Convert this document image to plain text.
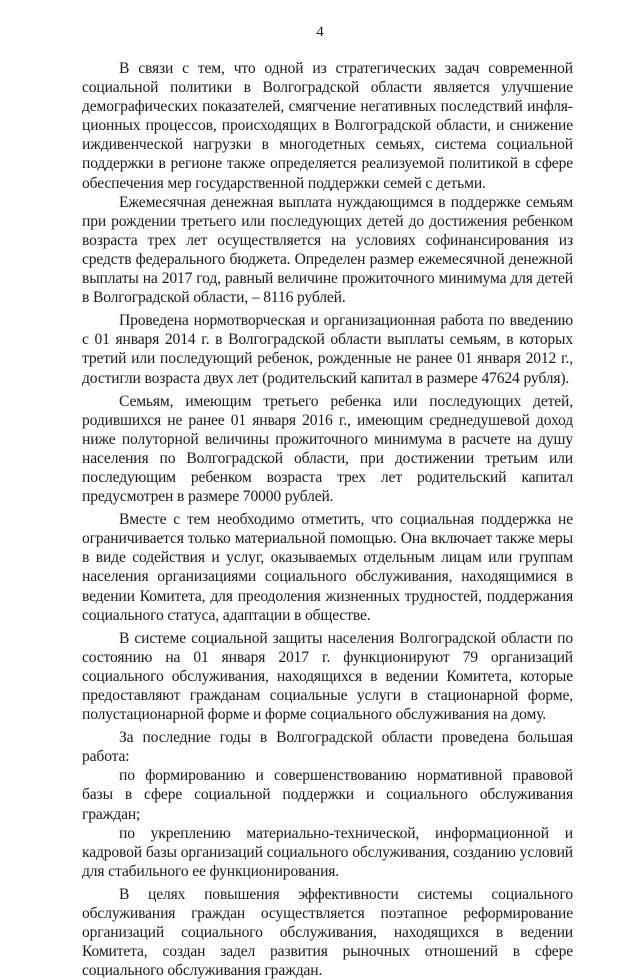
4

В связи с тем, что одной из стратегических задач современной социальной политики в Волгоградской области является улучшение демографических показателей, смягчение негативных последствий инфляционных процессов, происходящих в Волгоградской области, и снижение иждивенческой нагрузки в многодетных семьях, система социальной поддержки в регионе также определяется реализуемой политикой в сфере обеспечения мер государственной поддержки семей с детьми.

Ежемесячная денежная выплата нуждающимся в поддержке семьям при рождении третьего или последующих детей до достижения ребенком возраста трех лет осуществляется на условиях софинансирования из средств федерального бюджета. Определен размер ежемесячной денежной выплаты на 2017 год, равный величине прожиточного минимума для детей в Волгоградской области, – 8116 рублей.

Проведена нормотворческая и организационная работа по введению с 01 января 2014 г. в Волгоградской области выплаты семьям, в которых третий или последующий ребенок, рожденные не ранее 01 января 2012 г., достигли возраста двух лет (родительский капитал в размере 47624 рубля).

Семьям, имеющим третьего ребенка или последующих детей, родившихся не ранее 01 января 2016 г., имеющим среднедушевой доход ниже полуторной величины прожиточного минимума в расчете на душу населения по Волгоградской области, при достижении третьим или последующим ребенком возраста трех лет родительский капитал предусмотрен в размере 70000 рублей.

Вместе с тем необходимо отметить, что социальная поддержка не ограничивается только материальной помощью. Она включает также меры в виде содействия и услуг, оказываемых отдельным лицам или группам населения организациями социального обслуживания, находящимися в ведении Комитета, для преодоления жизненных трудностей, поддержания социального статуса, адаптации в обществе.

В системе социальной защиты населения Волгоградской области по состоянию на 01 января 2017 г. функционируют 79 организаций социального обслуживания, находящихся в ведении Комитета, которые предоставляют гражданам социальные услуги в стационарной форме, полустационарной форме и форме социального обслуживания на дому.

За последние годы в Волгоградской области проведена большая работа:

по формированию и совершенствованию нормативной правовой базы в сфере социальной поддержки и социального обслуживания граждан;

по укреплению материально-технической, информационной и кадровой базы организаций социального обслуживания, созданию условий для стабильного ее функционирования.

В целях повышения эффективности системы социального обслуживания граждан осуществляется поэтапное реформирование организаций социального обслуживания, находящихся в ведении Комитета, создан задел развития рыночных отношений в сфере социального обслуживания граждан.
